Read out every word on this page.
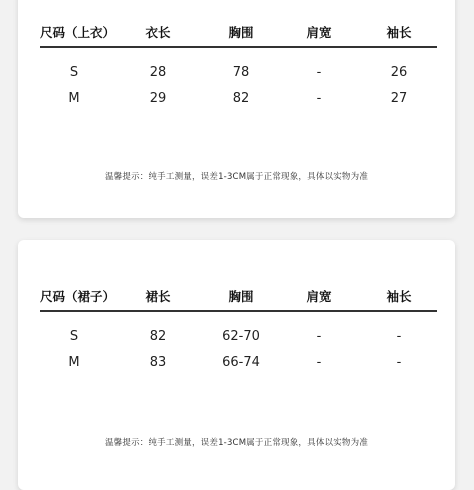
尺码（上衣）	衣长	胸围	肩宽	袖长
S	28	78	-	26
M	29	82	-	27
温馨提示：纯手工测量，误差1-3CM属于正常现象，具体以实物为准
尺码（裙子）	裙长	胸围	肩宽	袖长
S	82	62-70	-	-
M	83	66-74	-	-
温馨提示：纯手工测量，误差1-3CM属于正常现象，具体以实物为准
